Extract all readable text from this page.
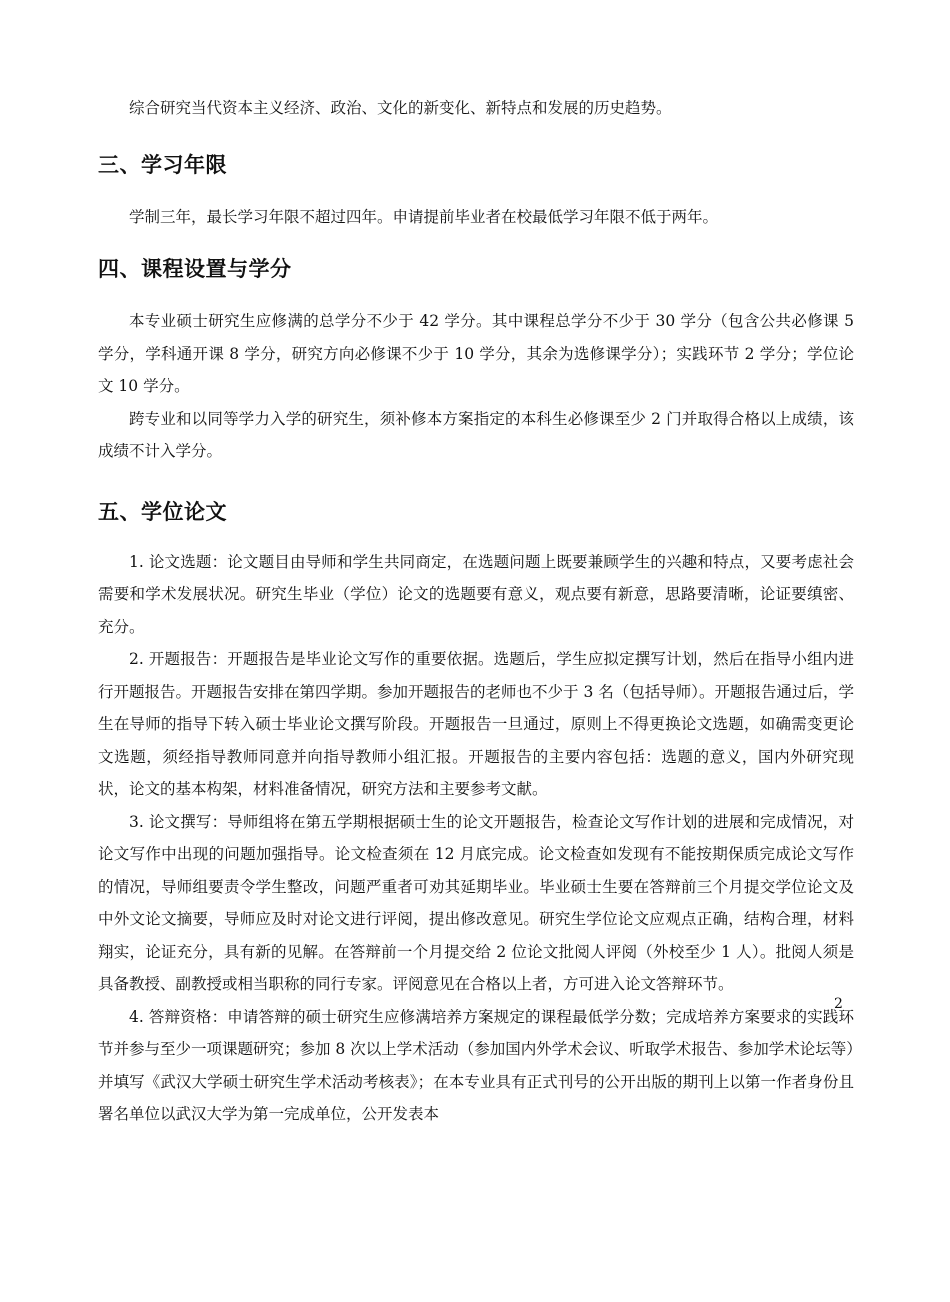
综合研究当代资本主义经济、政治、文化的新变化、新特点和发展的历史趋势。

三、学习年限

学制三年，最长学习年限不超过四年。申请提前毕业者在校最低学习年限不低于两年。

四、课程设置与学分

本专业硕士研究生应修满的总学分不少于 42 学分。其中课程总学分不少于 30 学分（包含公共必修课 5 学分，学科通开课 8 学分，研究方向必修课不少于 10 学分，其余为选修课学分）；实践环节 2 学分；学位论文 10 学分。

跨专业和以同等学力入学的研究生，须补修本方案指定的本科生必修课至少 2 门并取得合格以上成绩，该成绩不计入学分。

五、学位论文

1. 论文选题：论文题目由导师和学生共同商定，在选题问题上既要兼顾学生的兴趣和特点，又要考虑社会需要和学术发展状况。研究生毕业（学位）论文的选题要有意义，观点要有新意，思路要清晰，论证要缜密、充分。

2. 开题报告：开题报告是毕业论文写作的重要依据。选题后，学生应拟定撰写计划，然后在指导小组内进行开题报告。开题报告安排在第四学期。参加开题报告的老师也不少于 3 名（包括导师）。开题报告通过后，学生在导师的指导下转入硕士毕业论文撰写阶段。开题报告一旦通过，原则上不得更换论文选题，如确需变更论文选题，须经指导教师同意并向指导教师小组汇报。开题报告的主要内容包括：选题的意义，国内外研究现状，论文的基本构架，材料准备情况，研究方法和主要参考文献。

3. 论文撰写：导师组将在第五学期根据硕士生的论文开题报告，检查论文写作计划的进展和完成情况，对论文写作中出现的问题加强指导。论文检查须在 12 月底完成。论文检查如发现有不能按期保质完成论文写作的情况，导师组要责令学生整改，问题严重者可劝其延期毕业。毕业硕士生要在答辩前三个月提交学位论文及中外文论文摘要，导师应及时对论文进行评阅，提出修改意见。研究生学位论文应观点正确，结构合理，材料翔实，论证充分，具有新的见解。在答辩前一个月提交给 2 位论文批阅人评阅（外校至少 1 人）。批阅人须是具备教授、副教授或相当职称的同行专家。评阅意见在合格以上者，方可进入论文答辩环节。

4. 答辩资格：申请答辩的硕士研究生应修满培养方案规定的课程最低学分数；完成培养方案要求的实践环节并参与至少一项课题研究；参加 8 次以上学术活动（参加国内外学术会议、听取学术报告、参加学术论坛等）并填写《武汉大学硕士研究生学术活动考核表》；在本专业具有正式刊号的公开出版的期刊上以第一作者身份且署名单位以武汉大学为第一完成单位，公开发表本

2
